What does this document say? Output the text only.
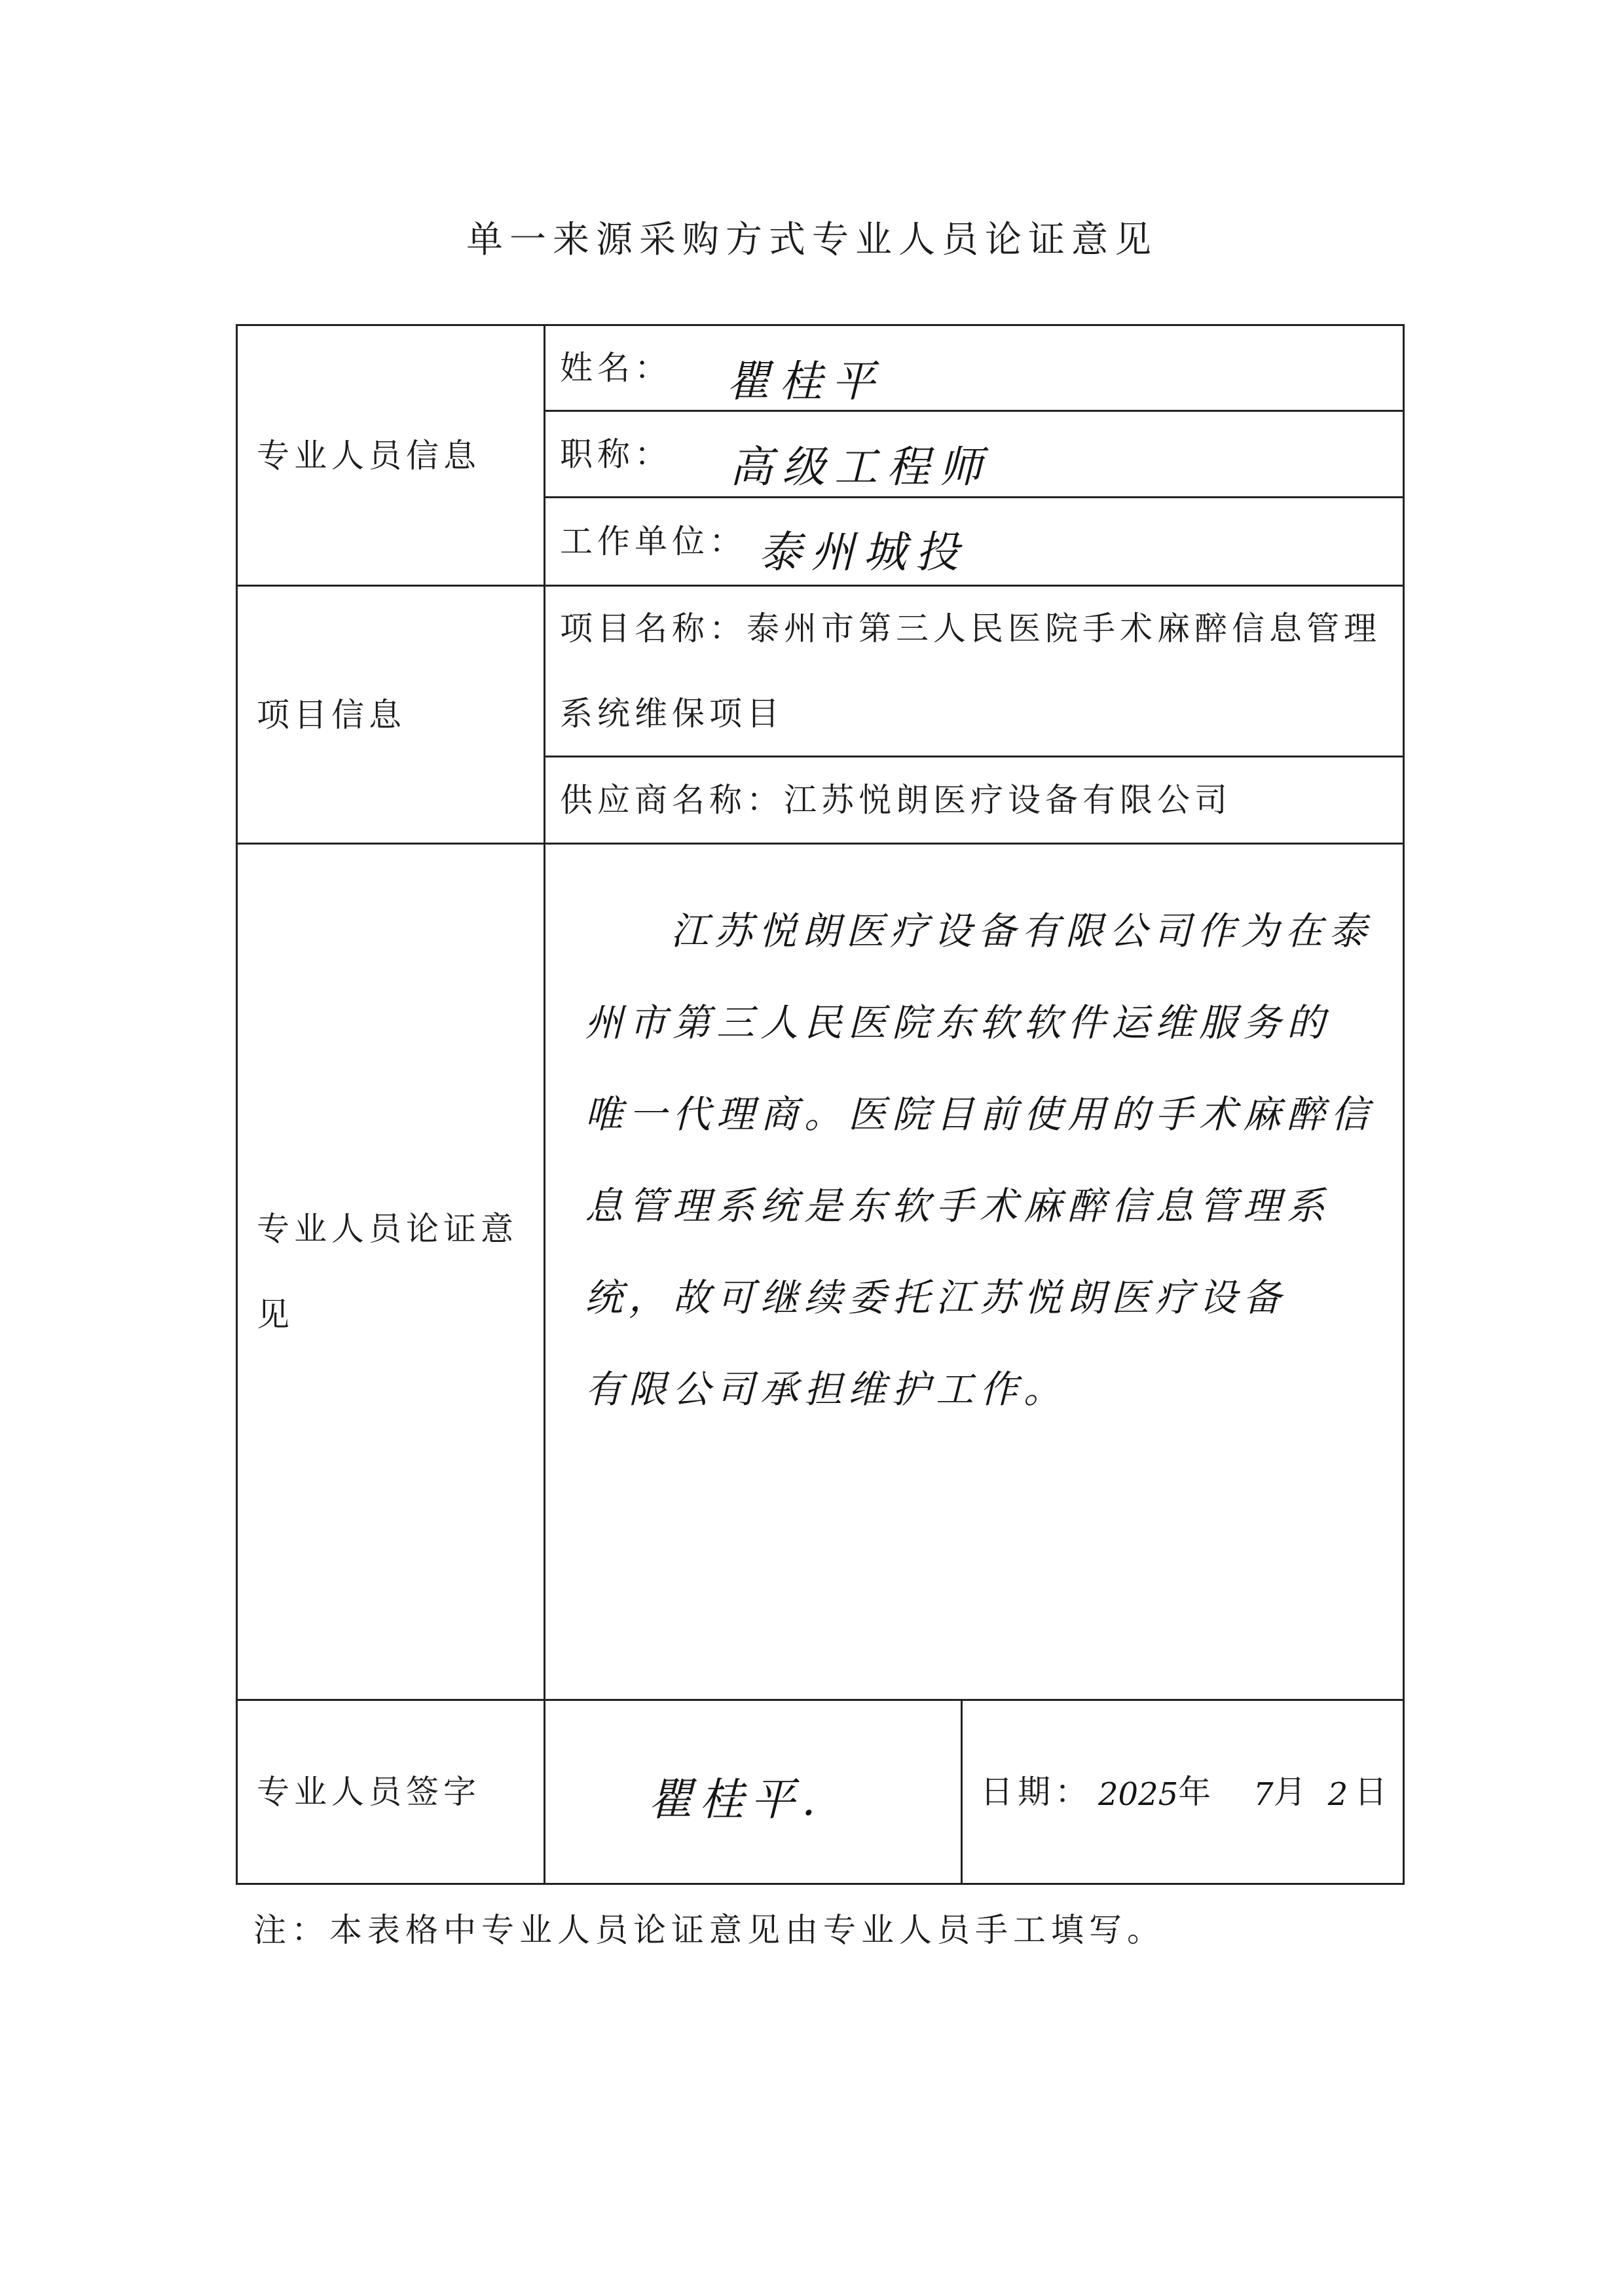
单一来源采购方式专业人员论证意见
专业人员信息
姓名： 瞿桂平
职称： 高级工程师
工作单位： 泰州城投
项目信息
项目名称：泰州市第三人民医院手术麻醉信息管理系统维保项目
供应商名称： 江苏悦朗医疗设备有限公司
专业人员论证意见
江苏悦朗医疗设备有限公司作为在泰
州市第三人民医院东软软件运维服务的
唯一代理商。医院目前使用的手术麻醉信
息管理系统是东软手术麻醉信息管理系
统，故可继续委托江苏悦朗医疗设备
有限公司承担维护工作。
专业人员签字	瞿桂平.	日期： 2025 年 7 月 2 日
注：本表格中专业人员论证意见由专业人员手工填写。
